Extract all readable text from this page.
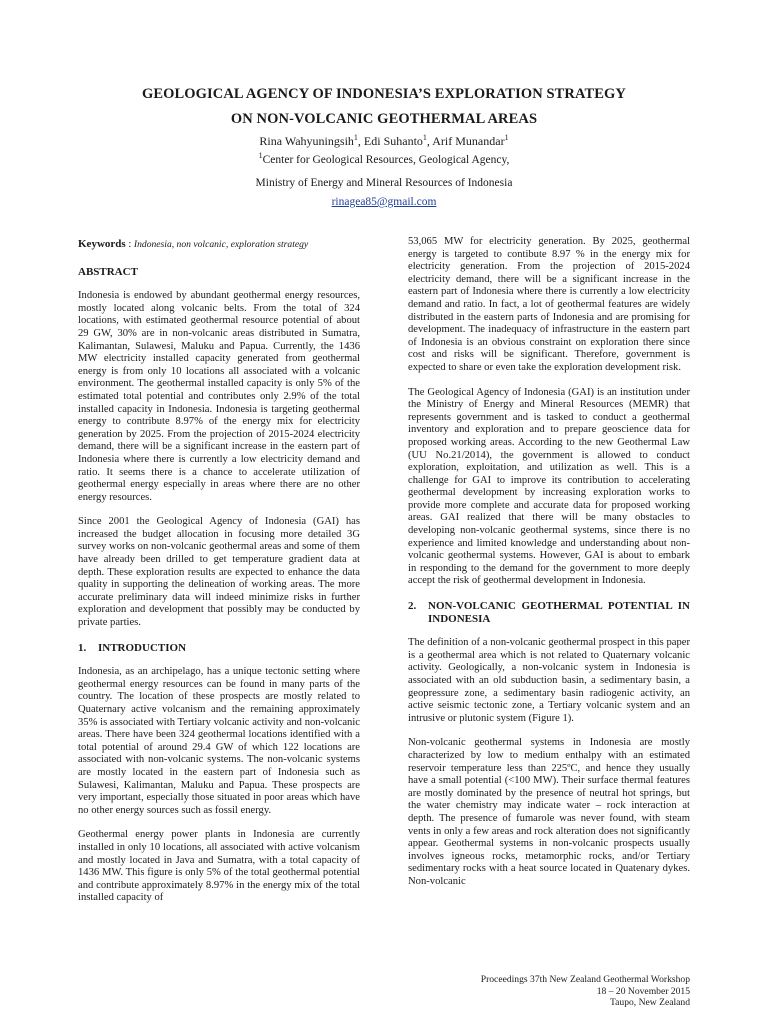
GEOLOGICAL AGENCY OF INDONESIA’S EXPLORATION STRATEGY
ON NON-VOLCANIC GEOTHERMAL AREAS
Rina Wahyuningsih$^1$, Edi Suhanto$^1$, Arif Munandar$^1$
$^1$Center for Geological Resources, Geological Agency,
Ministry of Energy and Mineral Resources of Indonesia
rinagea85@gmail.com

Keywords : Indonesia, non volcanic, exploration strategy

ABSTRACT

Indonesia is endowed by abundant geothermal energy resources, mostly located along volcanic belts. From the total of 324 locations, with estimated geothermal resource potential of about 29 GW, 30% are in non-volcanic areas distributed in Sumatra, Kalimantan, Sulawesi, Maluku and Papua. Currently, the 1436 MW electricity installed capacity generated from geothermal energy is from only 10 locations all associated with a volcanic environment. The geothermal installed capacity is only 5% of the estimated total potential and contributes only 2.9% of the total installed capacity in Indonesia. Indonesia is targeting geothermal energy to contribute 8.97% of the energy mix for electricity generation by 2025. From the projection of 2015-2024 electricity demand, there will be a significant increase in the eastern part of Indonesia where there is currently a low electricity demand and ratio. It seems there is a chance to accelerate utilization of geothermal energy especially in areas where there are no other energy resources.

Since 2001 the Geological Agency of Indonesia (GAI) has increased the budget allocation in focusing more detailed 3G survey works on non-volcanic geothermal areas and some of them have already been drilled to get temperature gradient data at depth. These exploration results are expected to enhance the data quality in supporting the delineation of working areas. The more accurate preliminary data will indeed minimize risks in further exploration and development that possibly may be conducted by private parties.

1. INTRODUCTION

Indonesia, as an archipelago, has a unique tectonic setting where geothermal energy resources can be found in many parts of the country. The location of these prospects are mostly related to Quaternary active volcanism and the remaining approximately 35% is associated with Tertiary volcanic activity and non-volcanic areas. There have been 324 geothermal locations identified with a total potential of around 29.4 GW of which 122 locations are associated with non-volcanic systems. The non-volcanic systems are mostly located in the eastern part of Indonesia such as Sulawesi, Kalimantan, Maluku and Papua. These prospects are very important, especially those situated in poor areas which have no other energy sources such as fossil energy.

Geothermal energy power plants in Indonesia are currently installed in only 10 locations, all associated with active volcanism and mostly located in Java and Sumatra, with a total capacity of 1436 MW. This figure is only 5% of the total geothermal potential and contribute approximately 8.97% in the energy mix of the total installed capacity of

53,065 MW for electricity generation. By 2025, geothermal energy is targeted to contibute 8.97 % in the energy mix for electricity generation. From the projection of 2015-2024 electricity demand, there will be a significant increase in the eastern part of Indonesia where there is currently a low electricity demand and ratio. In fact, a lot of geothermal features are widely distributed in the eastern parts of Indonesia and are promising for development. The inadequacy of infrastructure in the eastern part of Indonesia is an obvious constraint on exploration there since cost and risks will be significant. Therefore, government is expected to share or even take the exploration development risk.

The Geological Agency of Indonesia (GAI) is an institution under the Ministry of Energy and Mineral Resources (MEMR) that represents government and is tasked to conduct a geothermal inventory and exploration and to prepare geoscience data for proposed working areas. According to the new Geothermal Law (UU No.21/2014), the government is allowed to conduct exploration, exploitation, and utilization as well. This is a challenge for GAI to improve its contribution to accelerating geothermal development by increasing exploration works to provide more complete and accurate data for proposed working areas. GAI realized that there will be many obstacles to developing non-volcanic geothermal systems, since there is no experience and limited knowledge and understanding about non-volcanic geothermal systems. However, GAI is about to embark in responding to the demand for the government to more deeply accept the risk of geothermal development in Indonesia.

2.	NON-VOLCANIC GEOTHERMAL POTENTIAL IN INDONESIA

The definition of a non-volcanic geothermal prospect in this paper is a geothermal area which is not related to Quaternary volcanic activity. Geologically, a non-volcanic system in Indonesia is associated with an old subduction basin, a sedimentary basin, a geopressure zone, a sedimentary basin radiogenic activity, an active seismic tectonic zone, a Tertiary volcanic system and an intrusive or plutonic system (Figure 1).

Non-volcanic geothermal systems in Indonesia are mostly characterized by low to medium enthalpy with an estimated reservoir temperature less than 225ºC, and hence they usually have a small potential (<100 MW). Their surface thermal features are mostly dominated by the presence of neutral hot springs, but the water chemistry may indicate water – rock interaction at depth. The presence of fumarole was never found, with steam vents in only a few areas and rock alteration does not significantly appear. Geothermal systems in non-volcanic prospects usually involves igneous rocks, metamorphic rocks, and/or Tertiary sedimentary rocks with a heat source located in Quatenary dykes. Non-volcanic

Proceedings 37th New Zealand Geothermal Workshop
18 – 20 November 2015
Taupo, New Zealand
